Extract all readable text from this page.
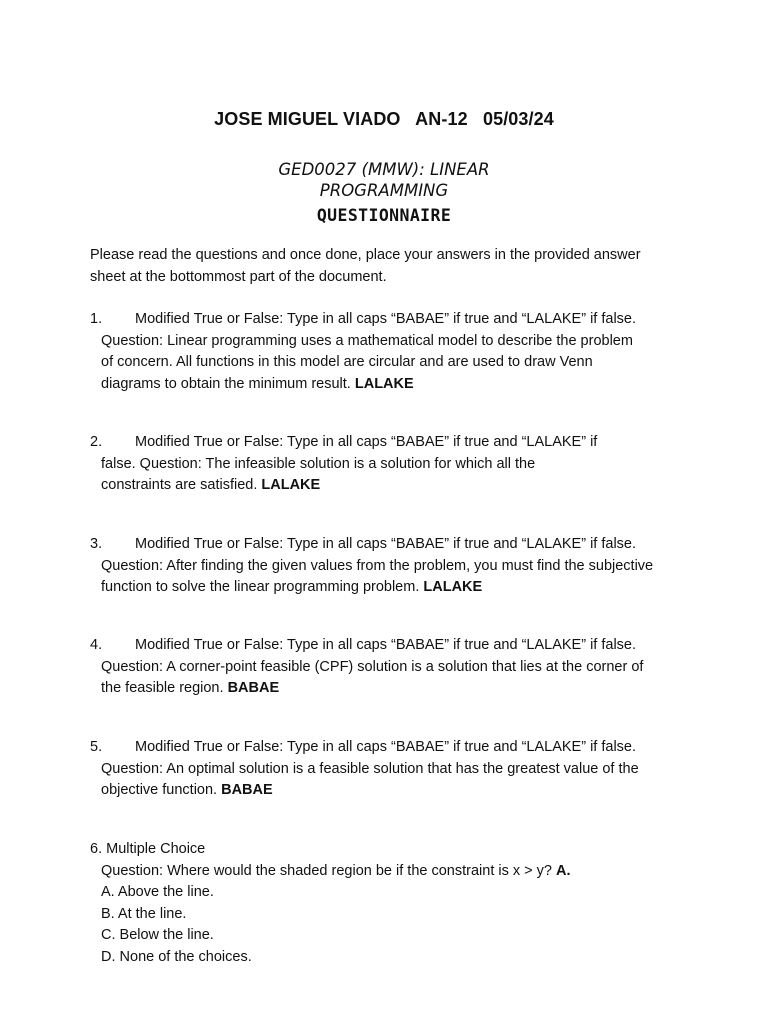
JOSE MIGUEL VIADO   AN-12   05/03/24
GED0027 (MMW): LINEAR
PROGRAMMING
QUESTIONNAIRE
Please read the questions and once done, place your answers in the provided answer
sheet at the bottommost part of the document.
1. Modified True or False: Type in all caps “BABAE” if true and “LALAKE” if false.
Question: Linear programming uses a mathematical model to describe the problem
of concern. All functions in this model are circular and are used to draw Venn
diagrams to obtain the minimum result. LALAKE
2. Modified True or False: Type in all caps “BABAE” if true and “LALAKE” if
false. Question: The infeasible solution is a solution for which all the
constraints are satisfied. LALAKE
3. Modified True or False: Type in all caps “BABAE” if true and “LALAKE” if false.
Question: After finding the given values from the problem, you must find the subjective
function to solve the linear programming problem. LALAKE
4. Modified True or False: Type in all caps “BABAE” if true and “LALAKE” if false.
Question: A corner-point feasible (CPF) solution is a solution that lies at the corner of
the feasible region. BABAE
5. Modified True or False: Type in all caps “BABAE” if true and “LALAKE” if false.
Question: An optimal solution is a feasible solution that has the greatest value of the
objective function. BABAE
6. Multiple Choice
Question: Where would the shaded region be if the constraint is x > y? A.
A. Above the line.
B. At the line.
C. Below the line.
D. None of the choices.
